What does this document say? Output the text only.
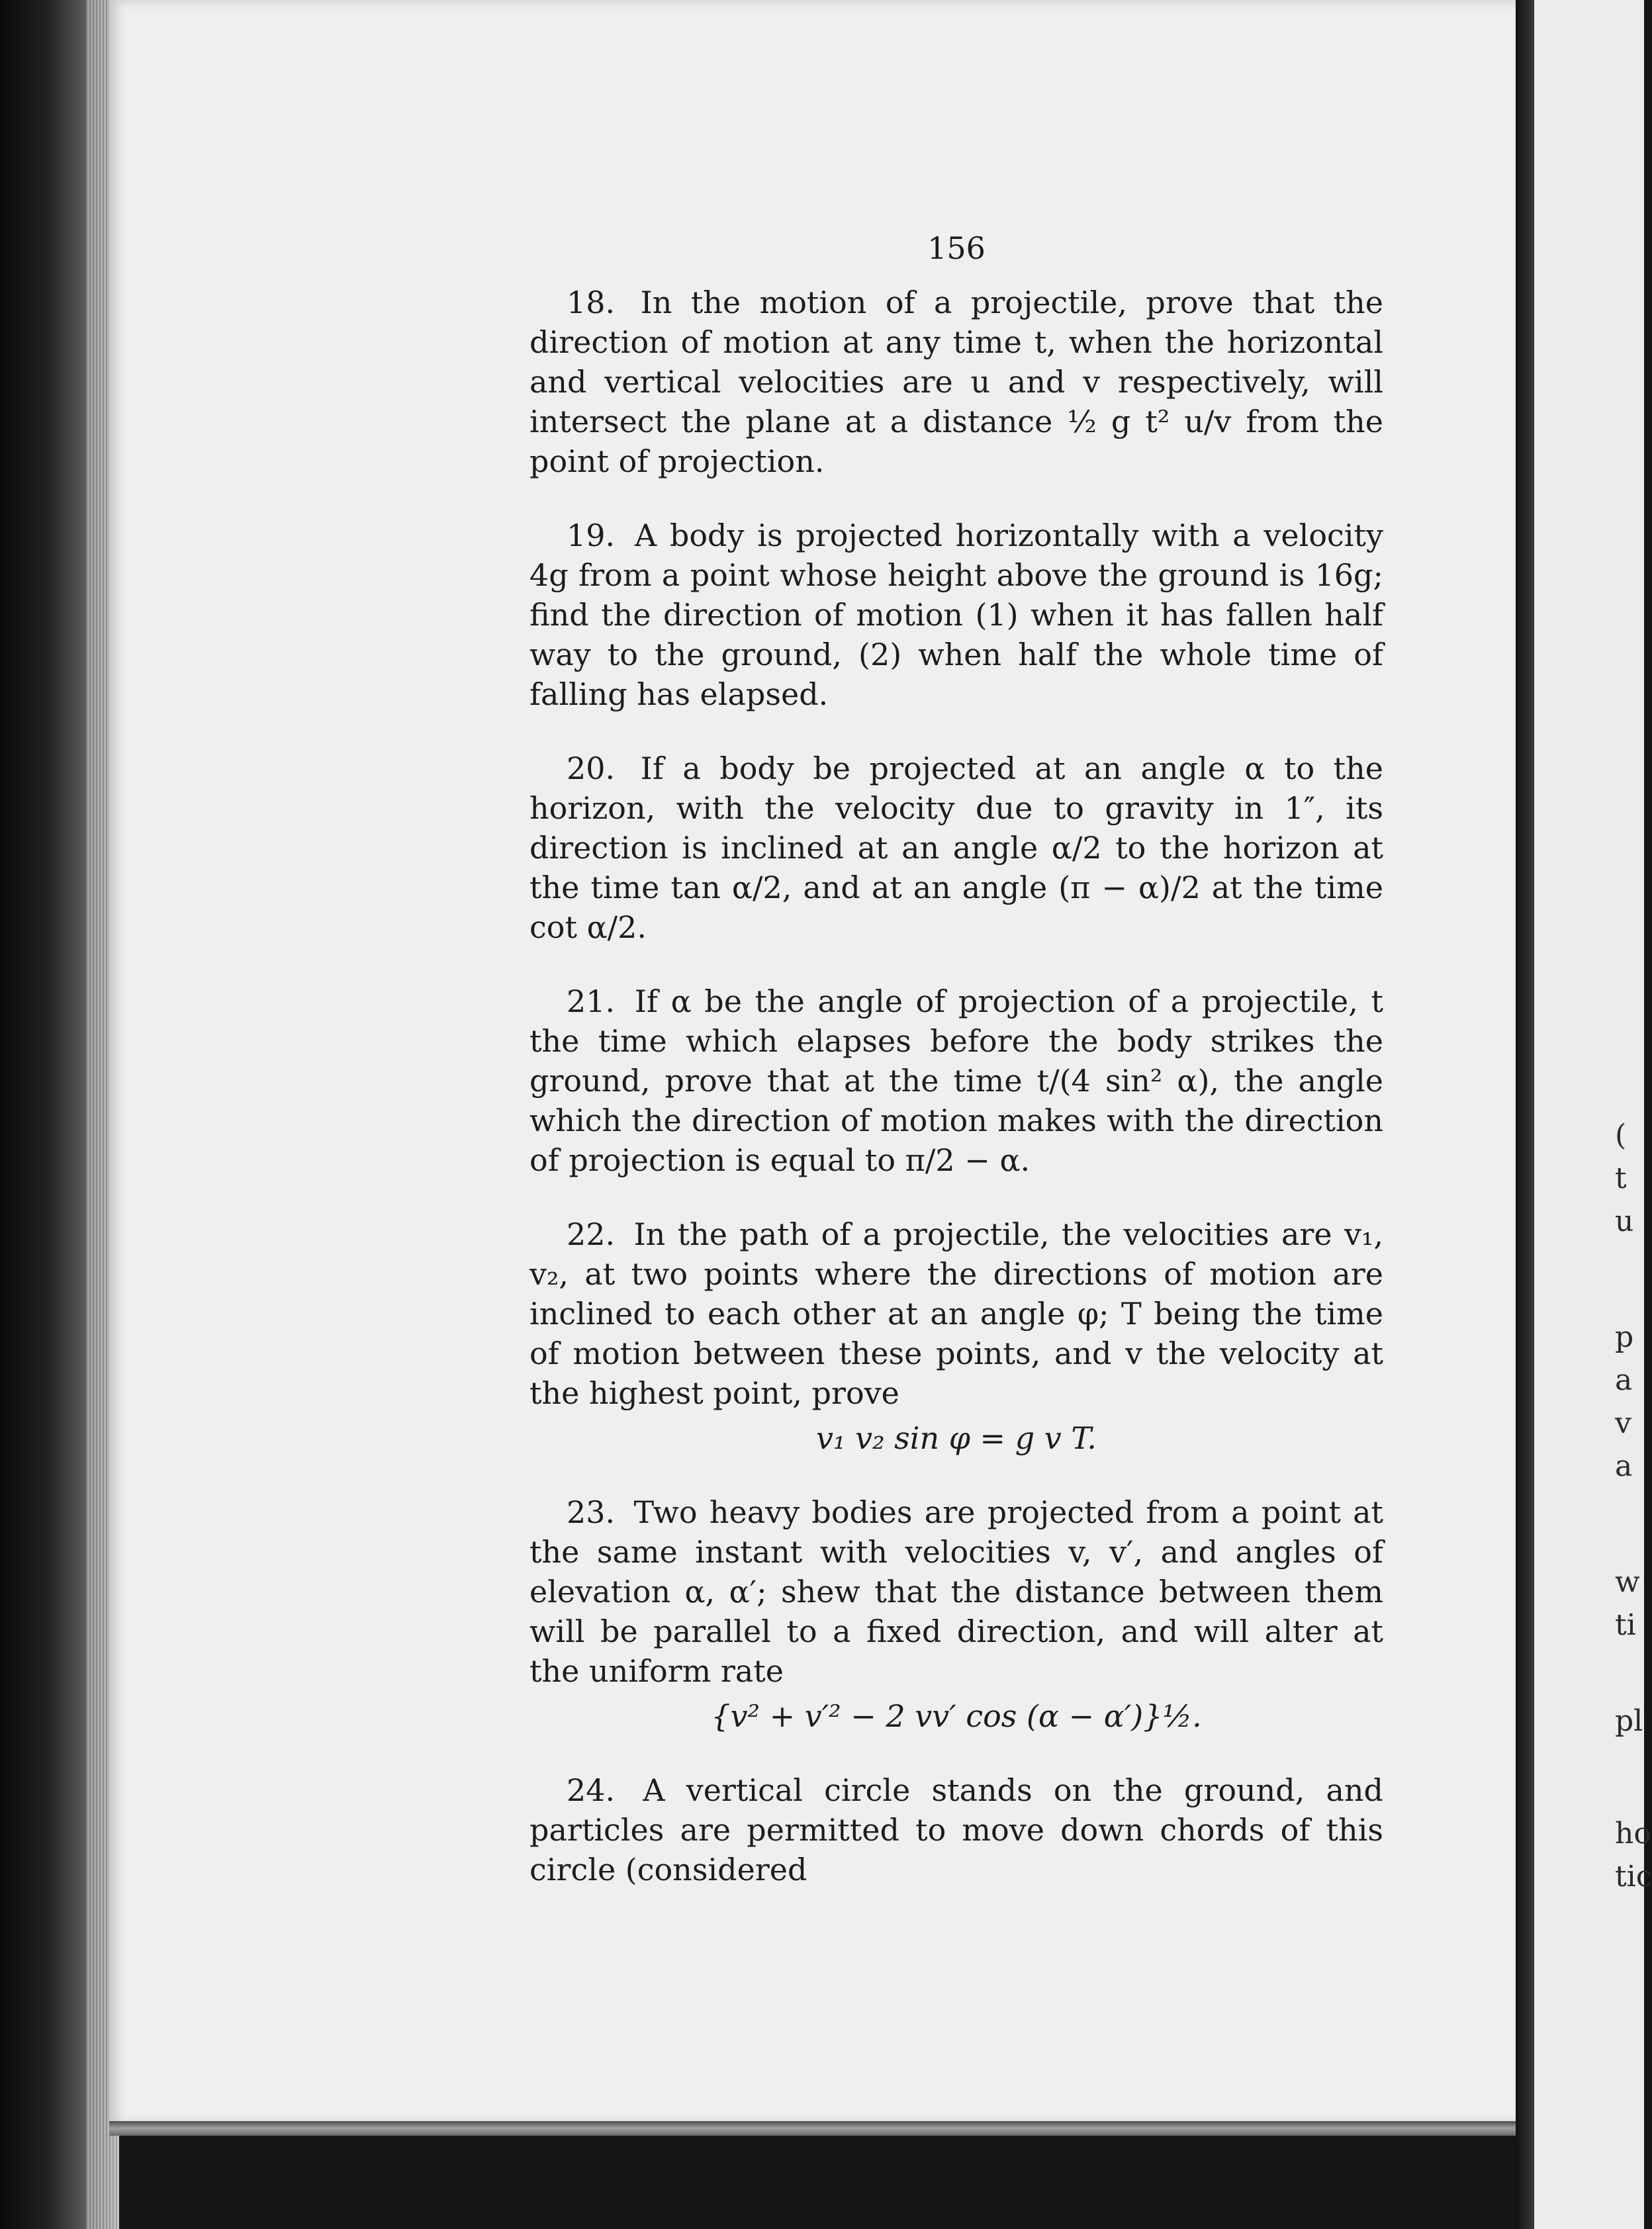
156

18. In the motion of a projectile, prove that the direction of motion at any time t, when the horizontal and vertical velocities are u and v respectively, will intersect the plane at a distance ½ g t² u/v from the point of projection.

19. A body is projected horizontally with a velocity 4g from a point whose height above the ground is 16g; find the direction of motion (1) when it has fallen half way to the ground, (2) when half the whole time of falling has elapsed.

20. If a body be projected at an angle α to the horizon, with the velocity due to gravity in 1″, its direction is inclined at an angle α/2 to the horizon at the time tan α/2, and at an angle (π − α)/2 at the time cot α/2.

21. If α be the angle of projection of a projectile, t the time which elapses before the body strikes the ground, prove that at the time t/(4 sin² α), the angle which the direction of motion makes with the direction of projection is equal to π/2 − α.

22. In the path of a projectile, the velocities are v₁, v₂, at two points where the directions of motion are inclined to each other at an angle φ; T being the time of motion between these points, and v the velocity at the highest point, prove
v₁ v₂ sin φ = g v T.

23. Two heavy bodies are projected from a point at the same instant with velocities v, v′, and angles of elevation α, α′; shew that the distance between them will be parallel to a fixed direction, and will alter at the uniform rate
{v² + v′² − 2 vv′ cos (α − α′)}½.

24. A vertical circle stands on the ground, and particles are permitted to move down chords of this circle (considered

(
t
u
p
a
v
a
w
ti
pl
ho
tic
